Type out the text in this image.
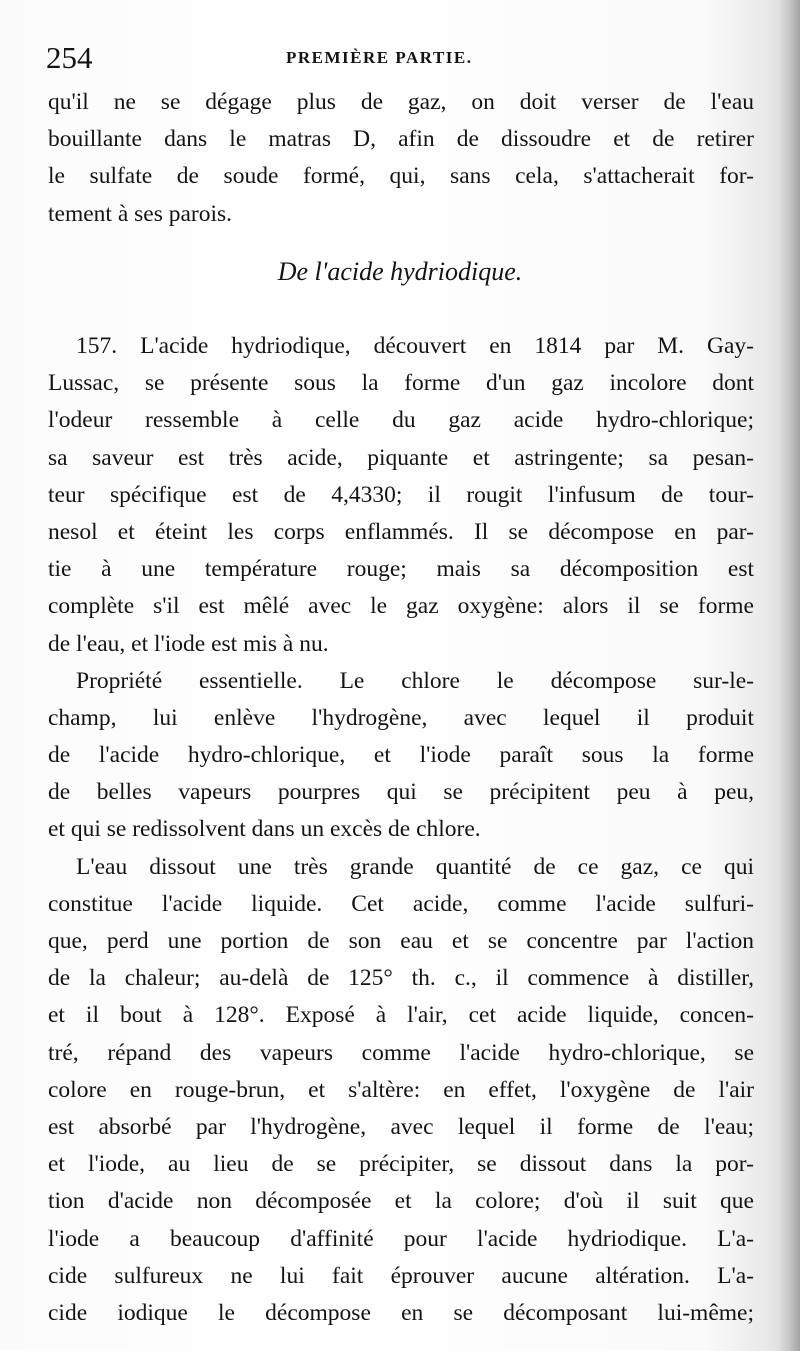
254	PREMIÈRE PARTIE.
qu'il ne se dégage plus de gaz, on doit verser de l'eau
bouillante dans le matras D, afin de dissoudre et de retirer
le sulfate de soude formé, qui, sans cela, s'attacherait for-
tement à ses parois.
De l'acide hydriodique.
157. L'acide hydriodique, découvert en 1814 par M. Gay-
Lussac, se présente sous la forme d'un gaz incolore dont
l'odeur ressemble à celle du gaz acide hydro-chlorique;
sa saveur est très acide, piquante et astringente; sa pesan-
teur spécifique est de 4,4330; il rougit l'infusum de tour-
nesol et éteint les corps enflammés. Il se décompose en par-
tie à une température rouge; mais sa décomposition est
complète s'il est mêlé avec le gaz oxygène: alors il se forme
de l'eau, et l'iode est mis à nu.
Propriété essentielle. Le chlore le décompose sur-le-
champ, lui enlève l'hydrogène, avec lequel il produit
de l'acide hydro-chlorique, et l'iode paraît sous la forme
de belles vapeurs pourpres qui se précipitent peu à peu,
et qui se redissolvent dans un excès de chlore.
L'eau dissout une très grande quantité de ce gaz, ce qui
constitue l'acide liquide. Cet acide, comme l'acide sulfuri-
que, perd une portion de son eau et se concentre par l'action
de la chaleur; au-delà de 125° th. c., il commence à distiller,
et il bout à 128°. Exposé à l'air, cet acide liquide, concen-
tré, répand des vapeurs comme l'acide hydro-chlorique, se
colore en rouge-brun, et s'altère: en effet, l'oxygène de l'air
est absorbé par l'hydrogène, avec lequel il forme de l'eau;
et l'iode, au lieu de se précipiter, se dissout dans la por-
tion d'acide non décomposée et la colore; d'où il suit que
l'iode a beaucoup d'affinité pour l'acide hydriodique. L'a-
cide sulfureux ne lui fait éprouver aucune altération. L'a-
cide iodique le décompose en se décomposant lui-même;
